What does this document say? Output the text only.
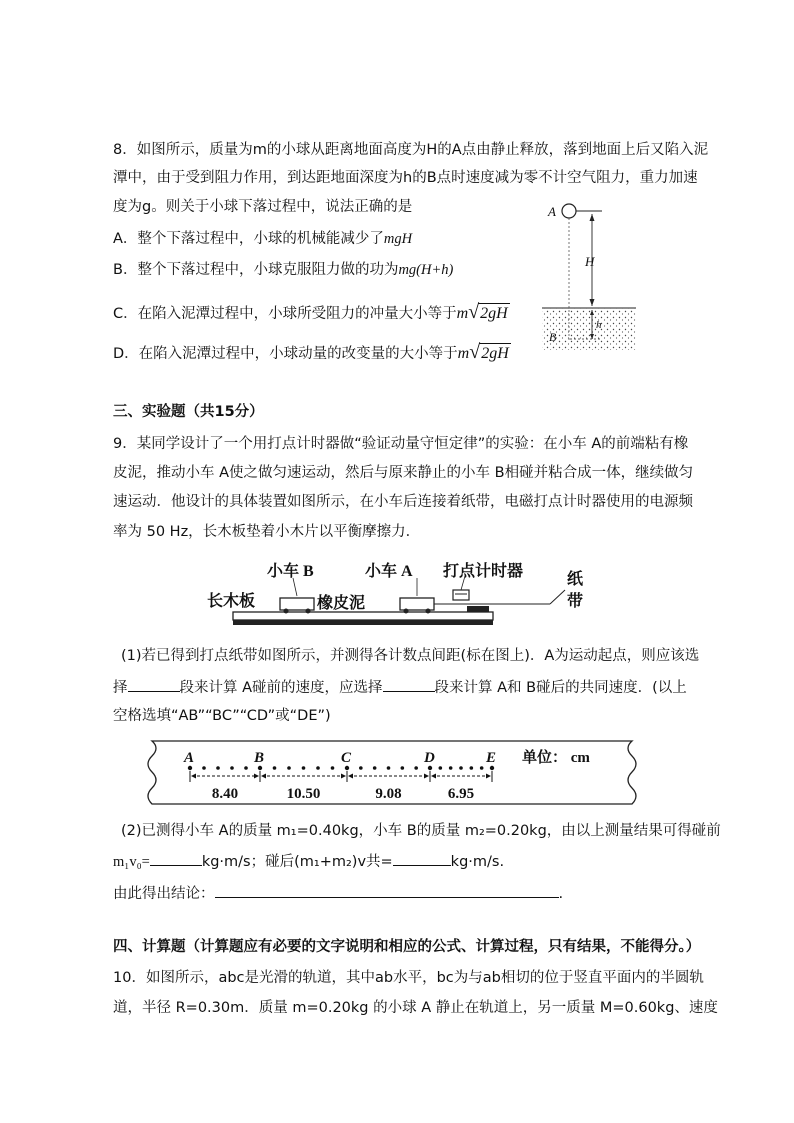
8．如图所示，质量为m的小球从距离地面高度为H的A点由静止释放，落到地面上后又陷入泥
潭中，由于受到阻力作用，到达距地面深度为h的B点时速度减为零不计空气阻力，重力加速
度为g。则关于小球下落过程中，说法正确的是
A．整个下落过程中，小球的机械能减少了mgH
B．整个下落过程中，小球克服阻力做的功为mg(H+h)
C．在陷入泥潭过程中，小球所受阻力的冲量大小等于m√2gH
D．在陷入泥潭过程中，小球动量的改变量的大小等于m√2gH
A
H
h
B
三、实验题（共15分）
9．某同学设计了一个用打点计时器做“验证动量守恒定律”的实验：在小车 A的前端粘有橡
皮泥，推动小车 A使之做匀速运动，然后与原来静止的小车 B相碰并粘合成一体，继续做匀
速运动．他设计的具体装置如图所示，在小车后连接着纸带，电磁打点计时器使用的电源频
率为 50 Hz，长木板垫着小木片以平衡摩擦力．
小车 B	小车 A 打点计时器
长木板	橡皮泥
纸
带
(1)若已得到打点纸带如图所示，并测得各计数点间距(标在图上)．A为运动起点，则应该选
择	段来计算 A碰前的速度，应选择	段来计算 A和 B碰后的共同速度．(以上
空格选填“AB”“BC”“CD”或“DE”)
A	B	C	D	E
8.40	10.50	9.08	6.95
单位： cm
(2)已测得小车 A的质量 m₁=0.40kg，小车 B的质量 m₂=0.20kg，由以上测量结果可得碰前
m₁v₀=	kg·m/s；碰后(m₁+m₂)v共=	kg·m/s.
由此得出结论：	.
四、计算题（计算题应有必要的文字说明和相应的公式、计算过程，只有结果，不能得分。）
10．如图所示，abc是光滑的轨道，其中ab水平，bc为与ab相切的位于竖直平面内的半圆轨
道，半径 R=0.30m．质量 m=0.20kg 的小球 A 静止在轨道上，另一质量 M=0.60kg、速度
